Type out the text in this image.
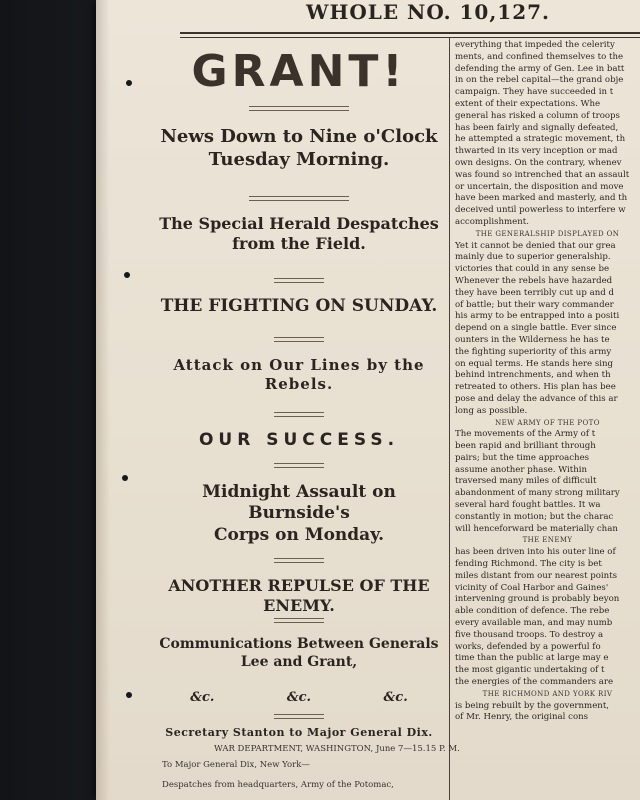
WHOLE NO. 10,127.
GRANT!
News Down to Nine o'Clock
Tuesday Morning.
The Special Herald Despatches
from the Field.
THE FIGHTING ON SUNDAY.
Attack on Our Lines by the
Rebels.
OUR SUCCESS.
Midnight Assault on Burnside's
Corps on Monday.
ANOTHER REPULSE OF THE ENEMY.
Communications Between Generals
Lee and Grant,
&c.	&c.	&c.
Secretary Stanton to Major General Dix.
WAR DEPARTMENT, WASHINGTON, June 7—15.15 P. M.
To Major General Dix, New York—
Despatches from headquarters, Army of the Potomac,
everything that impeded the celerity
ments, and confined themselves to the
defending the army of Gen. Lee in batt
in on the rebel capital—the grand obje
campaign. They have succeeded in t
extent of their expectations. Whe
general has risked a column of troops
has been fairly and signally defeated,
he attempted a strategic movement, th
thwarted in its very inception or mad
own designs. On the contrary, whenev
was found so intrenched that an assault
or uncertain, the disposition and move
have been marked and masterly, and th
deceived until powerless to interfere w
accomplishment.
THE GENERALSHIP DISPLAYED ON
Yet it cannot be denied that our grea
mainly due to superior generalship.
victories that could in any sense be
Whenever the rebels have hazarded
they have been terribly cut up and d
of battle; but their wary commander
his army to be entrapped into a positi
depend on a single battle. Ever since
ounters in the Wilderness he has te
the fighting superiority of this army
on equal terms. He stands here sing
behind intrenchments, and when th
retreated to others. His plan has bee
pose and delay the advance of this ar
long as possible.
NEW ARMY OF THE POTO
The movements of the Army of t
been rapid and brilliant through
pairs; but the time approaches
assume another phase. Within
traversed many miles of difficult
abandonment of many strong military
several hard fought battles. It wa
constantly in motion; but the charac
will henceforward be materially chan
THE ENEMY
has been driven into his outer line of
fending Richmond. The city is bet
miles distant from our nearest points
vicinity of Coal Harbor and Gaines'
intervening ground is probably beyon
able condition of defence. The rebe
every available man, and may numb
five thousand troops. To destroy a
works, defended by a powerful fo
time than the public at large may e
the most gigantic undertaking of t
the energies of the commanders are
THE RICHMOND AND YORK RIV
is being rebuilt by the government,
of Mr. Henry, the original cons
